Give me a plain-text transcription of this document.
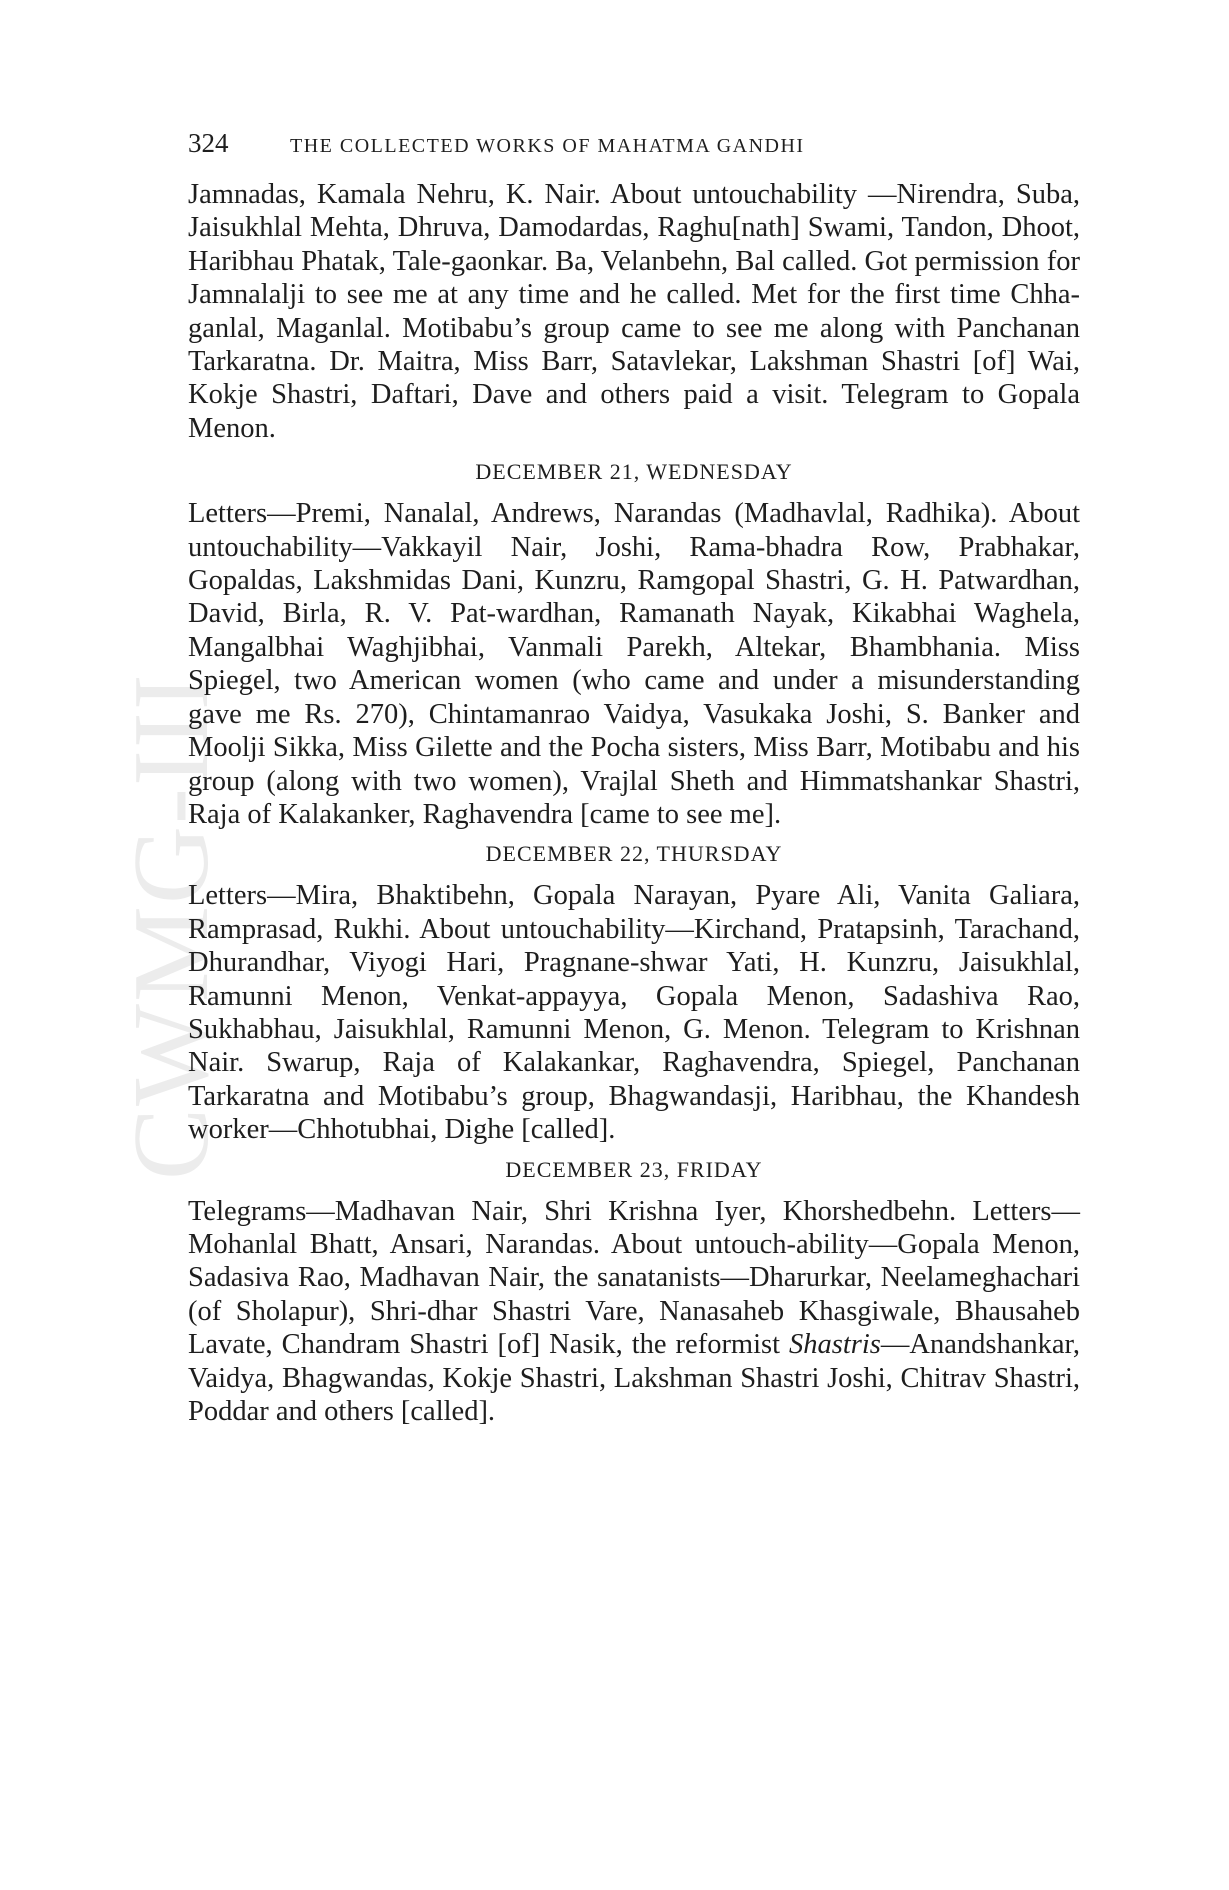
CWMG-III
324	THE COLLECTED WORKS OF MAHATMA GANDHI

Jamnadas, Kamala Nehru, K. Nair. About untouchability —Nirendra, Suba, Jaisukhlal Mehta, Dhruva, Damodardas, Raghu[nath] Swami, Tandon, Dhoot, Haribhau Phatak, Tale-gaonkar. Ba, Velanbehn, Bal called. Got permission for Jamnalalji to see me at any time and he called. Met for the first time Chha-ganlal, Maganlal. Motibabu’s group came to see me along with Panchanan Tarkaratna. Dr. Maitra, Miss Barr, Satavlekar, Lakshman Shastri [of] Wai, Kokje Shastri, Daftari, Dave and others paid a visit. Telegram to Gopala Menon.

DECEMBER 21, WEDNESDAY

Letters—Premi, Nanalal, Andrews, Narandas (Madhavlal, Radhika). About untouchability—Vakkayil Nair, Joshi, Rama-bhadra Row, Prabhakar, Gopaldas, Lakshmidas Dani, Kunzru, Ramgopal Shastri, G. H. Patwardhan, David, Birla, R. V. Pat-wardhan, Ramanath Nayak, Kikabhai Waghela, Mangalbhai Waghjibhai, Vanmali Parekh, Altekar, Bhambhania. Miss Spiegel, two American women (who came and under a misunderstanding gave me Rs. 270), Chintamanrao Vaidya, Vasukaka Joshi, S. Banker and Moolji Sikka, Miss Gilette and the Pocha sisters, Miss Barr, Motibabu and his group (along with two women), Vrajlal Sheth and Himmatshankar Shastri, Raja of Kalakanker, Raghavendra [came to see me].

DECEMBER 22, THURSDAY

Letters—Mira, Bhaktibehn, Gopala Narayan, Pyare Ali, Vanita Galiara, Ramprasad, Rukhi. About untouchability—Kirchand, Pratapsinh, Tarachand, Dhurandhar, Viyogi Hari, Pragnane-shwar Yati, H. Kunzru, Jaisukhlal, Ramunni Menon, Venkat-appayya, Gopala Menon, Sadashiva Rao, Sukhabhau, Jaisukhlal, Ramunni Menon, G. Menon. Telegram to Krishnan Nair. Swarup, Raja of Kalakankar, Raghavendra, Spiegel, Panchanan Tarkaratna and Motibabu’s group, Bhagwandasji, Haribhau, the Khandesh worker—Chhotubhai, Dighe [called].

DECEMBER 23, FRIDAY

Telegrams—Madhavan Nair, Shri Krishna Iyer, Khorshedbehn. Letters—Mohanlal Bhatt, Ansari, Narandas. About untouch-ability—Gopala Menon, Sadasiva Rao, Madhavan Nair, the sanatanists—Dharurkar, Neelameghachari (of Sholapur), Shri-dhar Shastri Vare, Nanasaheb Khasgiwale, Bhausaheb Lavate, Chandram Shastri [of] Nasik, the reformist Shastris—Anandshankar, Vaidya, Bhagwandas, Kokje Shastri, Lakshman Shastri Joshi, Chitrav Shastri, Poddar and others [called].
